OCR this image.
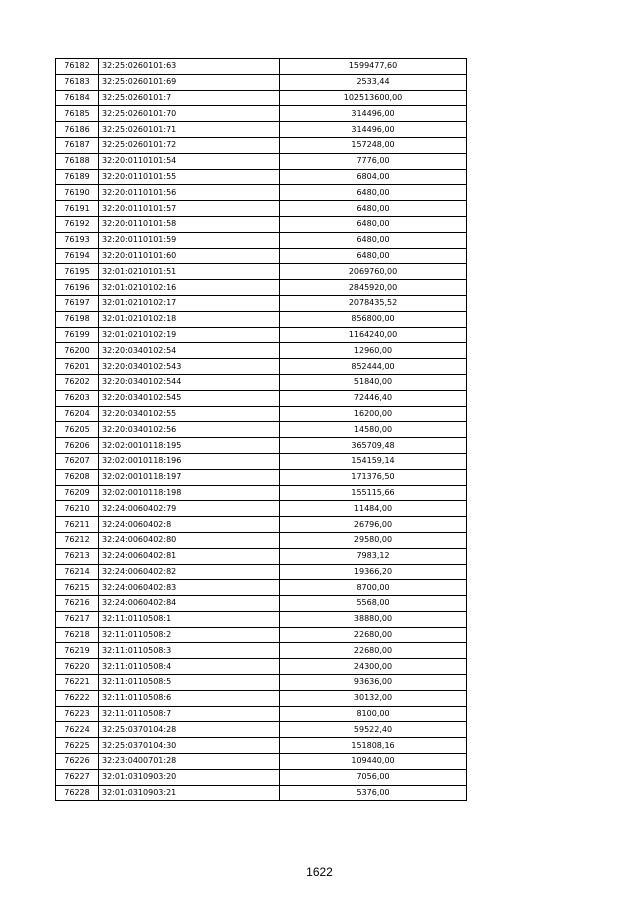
76182	32:25:0260101:63	1599477,60
76183	32:25:0260101:69	2533,44
76184	32:25:0260101:7	102513600,00
76185	32:25:0260101:70	314496,00
76186	32:25:0260101:71	314496,00
76187	32:25:0260101:72	157248,00
76188	32:20:0110101:54	7776,00
76189	32:20:0110101:55	6804,00
76190	32:20:0110101:56	6480,00
76191	32:20:0110101:57	6480,00
76192	32:20:0110101:58	6480,00
76193	32:20:0110101:59	6480,00
76194	32:20:0110101:60	6480,00
76195	32:01:0210101:51	2069760,00
76196	32:01:0210102:16	2845920,00
76197	32:01:0210102:17	2078435,52
76198	32:01:0210102:18	856800,00
76199	32:01:0210102:19	1164240,00
76200	32:20:0340102:54	12960,00
76201	32:20:0340102:543	852444,00
76202	32:20:0340102:544	51840,00
76203	32:20:0340102:545	72446,40
76204	32:20:0340102:55	16200,00
76205	32:20:0340102:56	14580,00
76206	32:02:0010118:195	365709,48
76207	32:02:0010118:196	154159,14
76208	32:02:0010118:197	171376,50
76209	32:02:0010118:198	155115,66
76210	32:24:0060402:79	11484,00
76211	32:24:0060402:8	26796,00
76212	32:24:0060402:80	29580,00
76213	32:24:0060402:81	7983,12
76214	32:24:0060402:82	19366,20
76215	32:24:0060402:83	8700,00
76216	32:24:0060402:84	5568,00
76217	32:11:0110508:1	38880,00
76218	32:11:0110508:2	22680,00
76219	32:11:0110508:3	22680,00
76220	32:11:0110508:4	24300,00
76221	32:11:0110508:5	93636,00
76222	32:11:0110508:6	30132,00
76223	32:11:0110508:7	8100,00
76224	32:25:0370104:28	59522,40
76225	32:25:0370104:30	151808,16
76226	32:23:0400701:28	109440,00
76227	32:01:0310903:20	7056,00
76228	32:01:0310903:21	5376,00
1622
